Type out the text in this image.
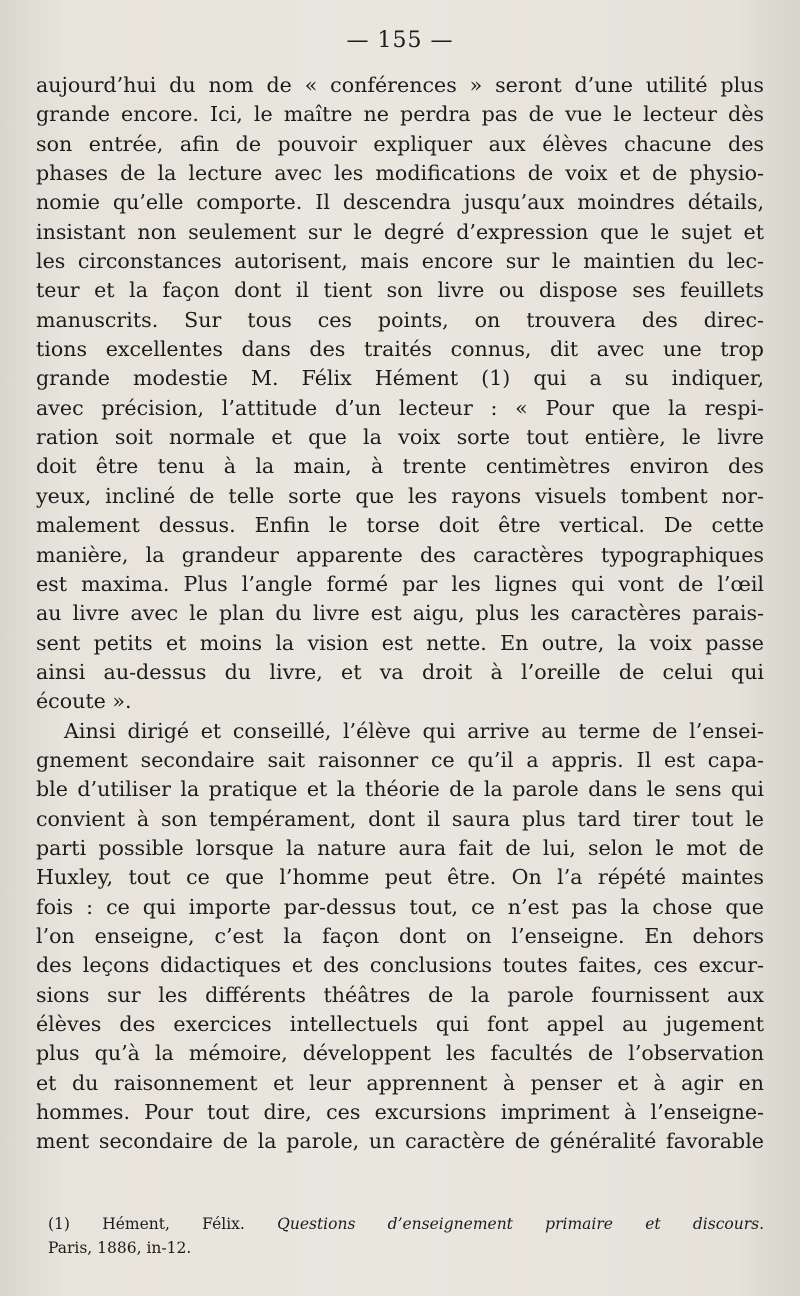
— 155 —
aujourd’hui du nom de « conférences » seront d’une utilité plus
grande encore. Ici, le maître ne perdra pas de vue le lecteur dès
son entrée, afin de pouvoir expliquer aux élèves chacune des
phases de la lecture avec les modifications de voix et de physio-
nomie qu’elle comporte. Il descendra jusqu’aux moindres détails,
insistant non seulement sur le degré d’expression que le sujet et
les circonstances autorisent, mais encore sur le maintien du lec-
teur et la façon dont il tient son livre ou dispose ses feuillets
manuscrits. Sur tous ces points, on trouvera des direc-
tions excellentes dans des traités connus, dit avec une trop
grande modestie M. Félix Hément (1) qui a su indiquer,
avec précision, l’attitude d’un lecteur : « Pour que la respi-
ration soit normale et que la voix sorte tout entière, le livre
doit être tenu à la main, à trente centimètres environ des
yeux, incliné de telle sorte que les rayons visuels tombent nor-
malement dessus. Enfin le torse doit être vertical. De cette
manière, la grandeur apparente des caractères typographiques
est maxima. Plus l’angle formé par les lignes qui vont de l’œil
au livre avec le plan du livre est aigu, plus les caractères parais-
sent petits et moins la vision est nette. En outre, la voix passe
ainsi au-dessus du livre, et va droit à l’oreille de celui qui
écoute ».
Ainsi dirigé et conseillé, l’élève qui arrive au terme de l’ensei-
gnement secondaire sait raisonner ce qu’il a appris. Il est capa-
ble d’utiliser la pratique et la théorie de la parole dans le sens qui
convient à son tempérament, dont il saura plus tard tirer tout le
parti possible lorsque la nature aura fait de lui, selon le mot de
Huxley, tout ce que l’homme peut être. On l’a répété maintes
fois : ce qui importe par-dessus tout, ce n’est pas la chose que
l’on enseigne, c’est la façon dont on l’enseigne. En dehors
des leçons didactiques et des conclusions toutes faites, ces excur-
sions sur les différents théâtres de la parole fournissent aux
élèves des exercices intellectuels qui font appel au jugement
plus qu’à la mémoire, développent les facultés de l’observation
et du raisonnement et leur apprennent à penser et à agir en
hommes. Pour tout dire, ces excursions impriment à l’enseigne-
ment secondaire de la parole, un caractère de généralité favorable
(1) Hément, Félix. Questions d’enseignement primaire et discours.
Paris, 1886, in-12.
